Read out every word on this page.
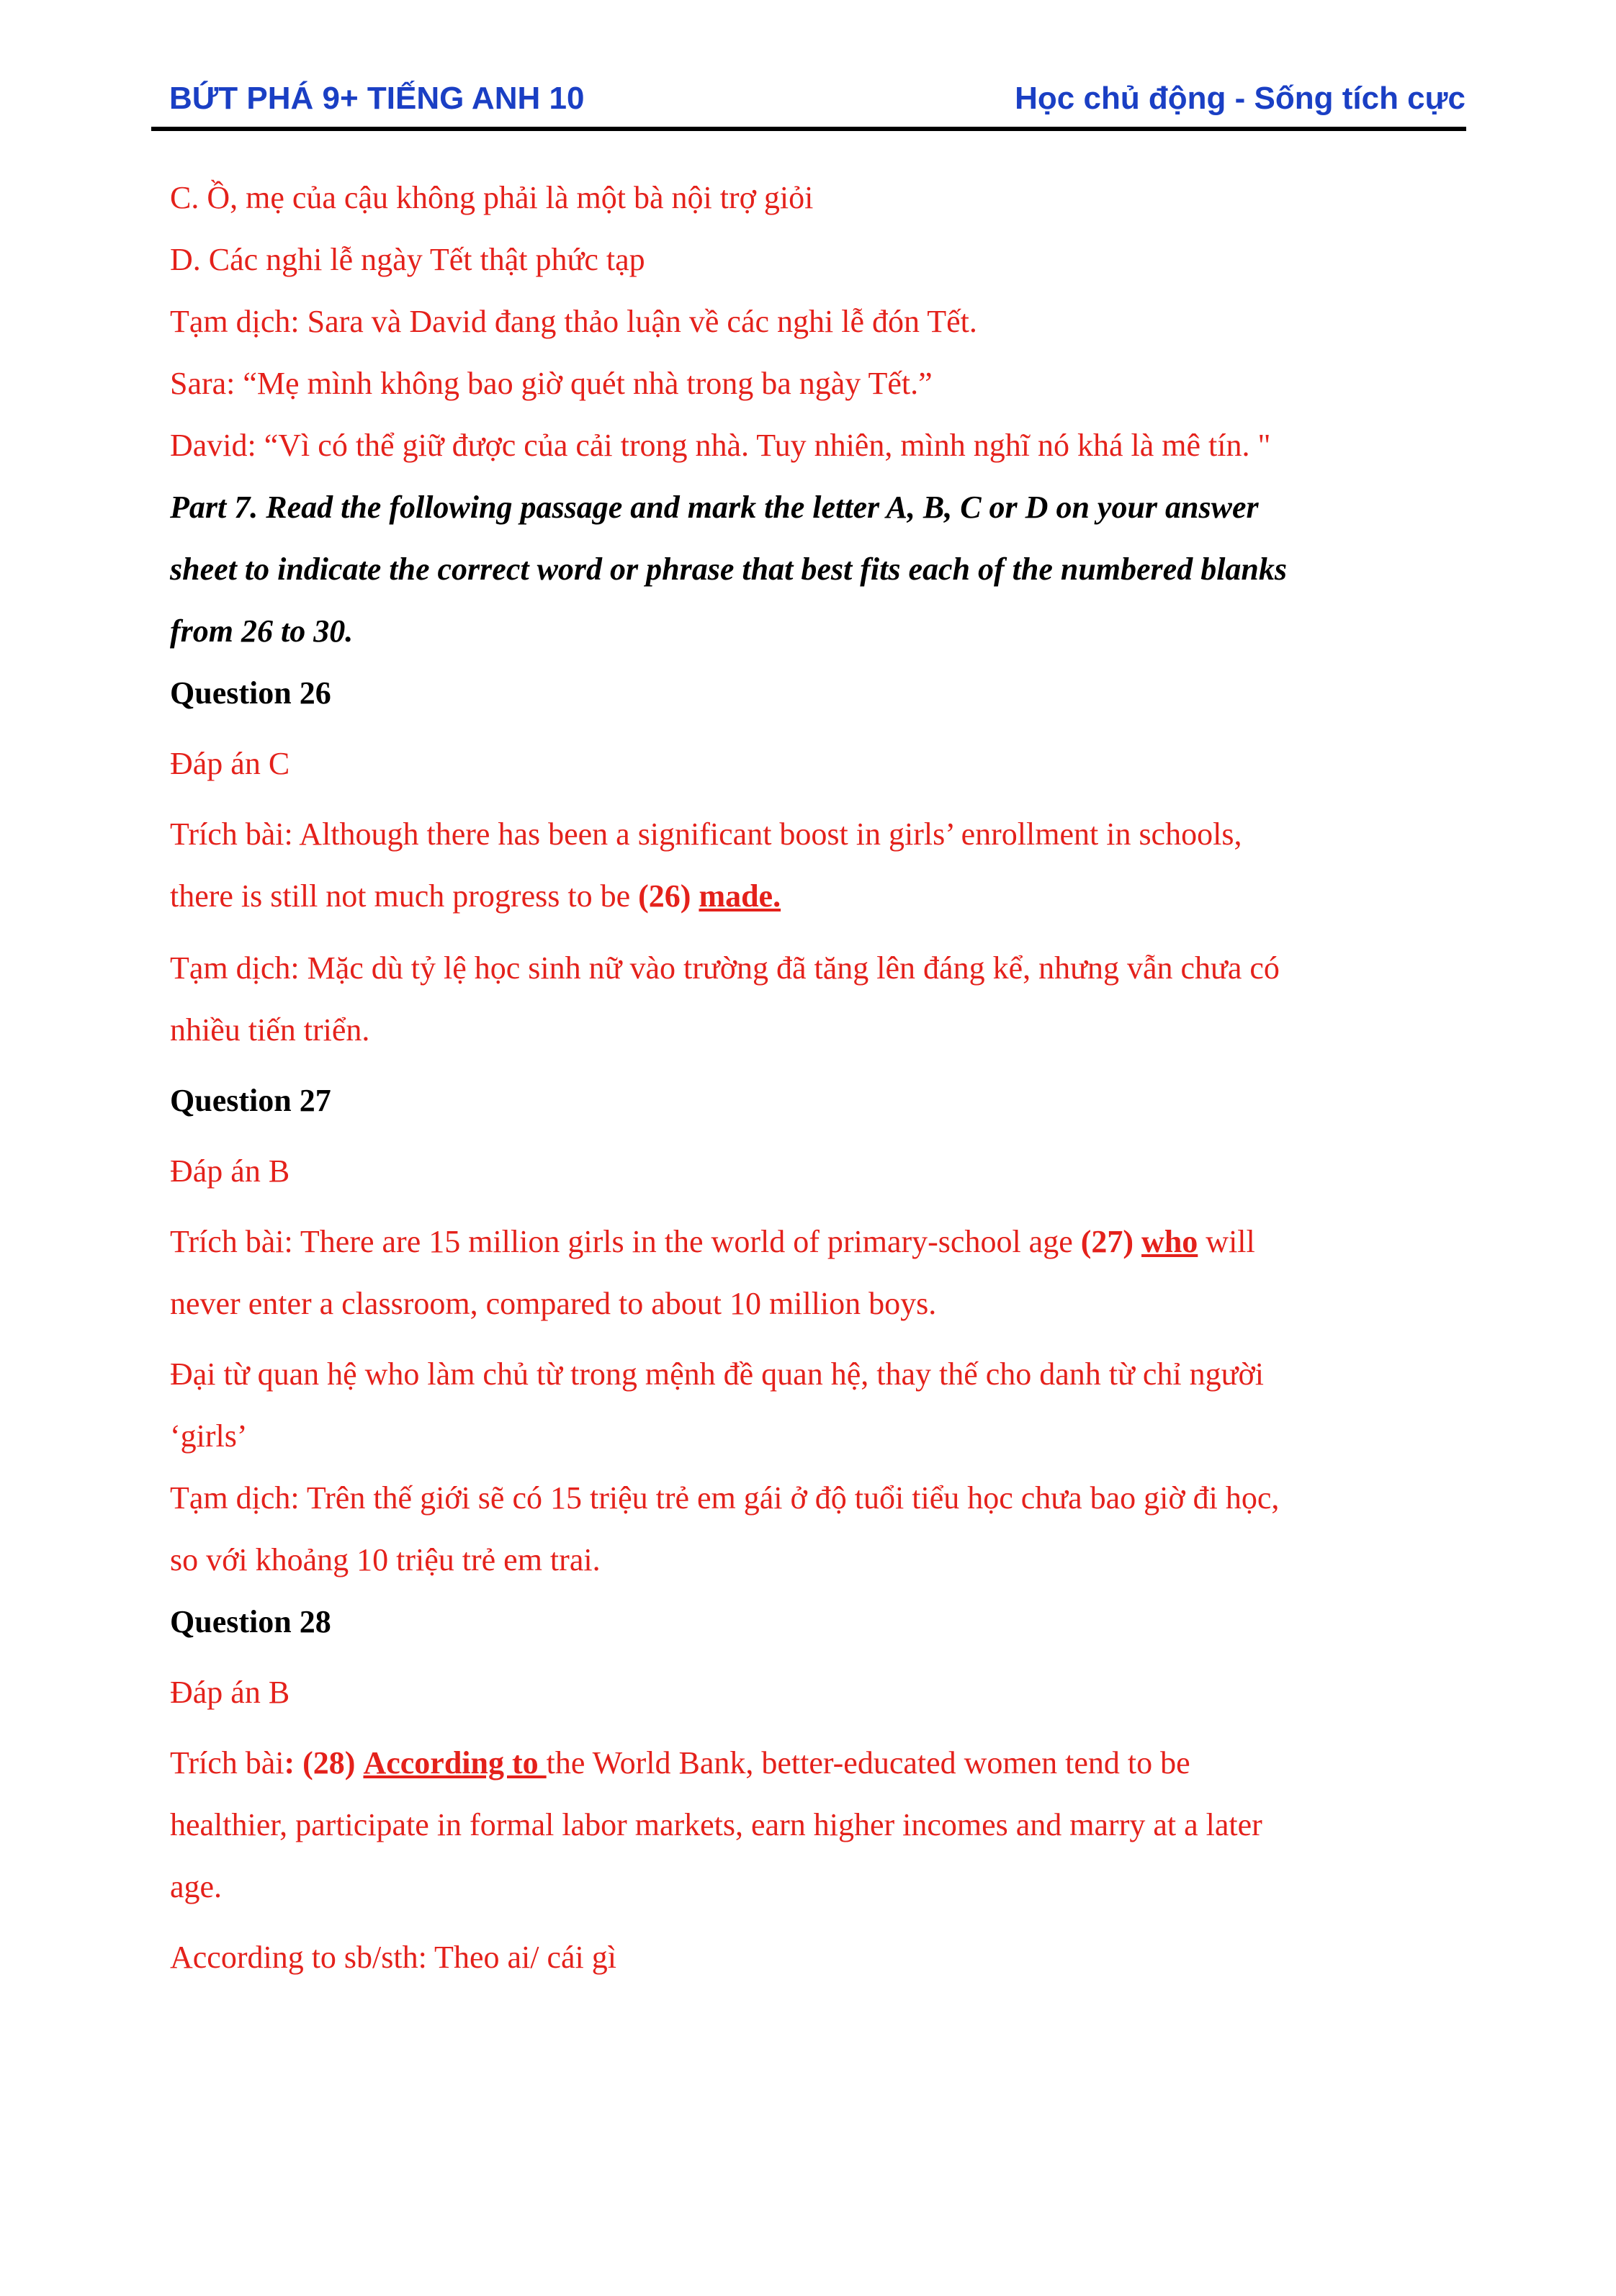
BỨT PHÁ 9+ TIẾNG ANH 10	Học chủ động - Sống tích cực
C. Ồ, mẹ của cậu không phải là một bà nội trợ giỏi
D. Các nghi lễ ngày Tết thật phức tạp
Tạm dịch: Sara và David đang thảo luận về các nghi lễ đón Tết.
Sara: “Mẹ mình không bao giờ quét nhà trong ba ngày Tết.”
David: “Vì có thể giữ được của cải trong nhà. Tuy nhiên, mình nghĩ nó khá là mê tín. "
Part 7. Read the following passage and mark the letter A, B, C or D on your answer
sheet to indicate the correct word or phrase that best fits each of the numbered blanks
from 26 to 30.
Question 26
Đáp án C
Trích bài: Although there has been a significant boost in girls’ enrollment in schools,
there is still not much progress to be (26) made.
Tạm dịch: Mặc dù tỷ lệ học sinh nữ vào trường đã tăng lên đáng kể, nhưng vẫn chưa có
nhiều tiến triển.
Question 27
Đáp án B
Trích bài: There are 15 million girls in the world of primary-school age (27) who will
never enter a classroom, compared to about 10 million boys.
Đại từ quan hệ who làm chủ từ trong mệnh đề quan hệ, thay thế cho danh từ chỉ người
‘girls’
Tạm dịch: Trên thế giới sẽ có 15 triệu trẻ em gái ở độ tuổi tiểu học chưa bao giờ đi học,
so với khoảng 10 triệu trẻ em trai.
Question 28
Đáp án B
Trích bài: (28) According to the World Bank, better-educated women tend to be
healthier, participate in formal labor markets, earn higher incomes and marry at a later
age.
According to sb/sth: Theo ai/ cái gì
